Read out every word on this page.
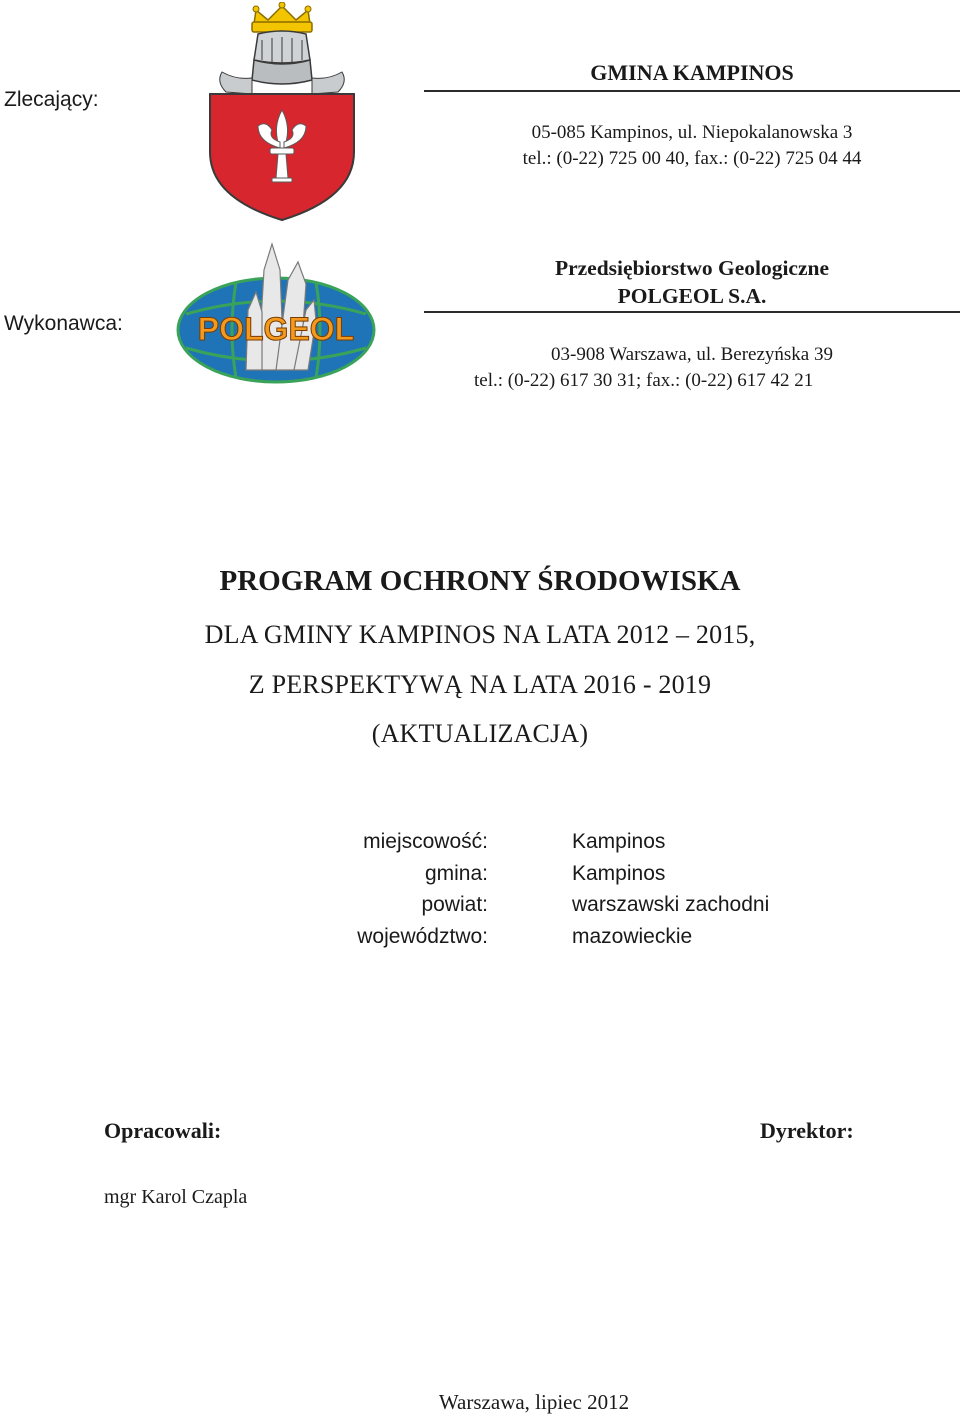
Zlecający:
GMINA KAMPINOS
05-085 Kampinos, ul. Niepokalanowska 3
tel.: (0-22) 725 00 40, fax.: (0-22) 725 04 44
Wykonawca: POLGEOL
Przedsiębiorstwo Geologiczne
POLGEOL S.A.
03-908 Warszawa, ul. Berezyńska 39
tel.: (0-22) 617 30 31; fax.: (0-22) 617 42 21
PROGRAM OCHRONY ŚRODOWISKA
DLA GMINY KAMPINOS NA LATA 2012 – 2015,
Z PERSPEKTYWĄ NA LATA 2016 - 2019
(AKTUALIZACJA)
miejscowość:	Kampinos
gmina:	Kampinos
powiat:	warszawski zachodni
województwo:	mazowieckie
Opracowali:	Dyrektor:
mgr Karol Czapla
Warszawa, lipiec 2012
